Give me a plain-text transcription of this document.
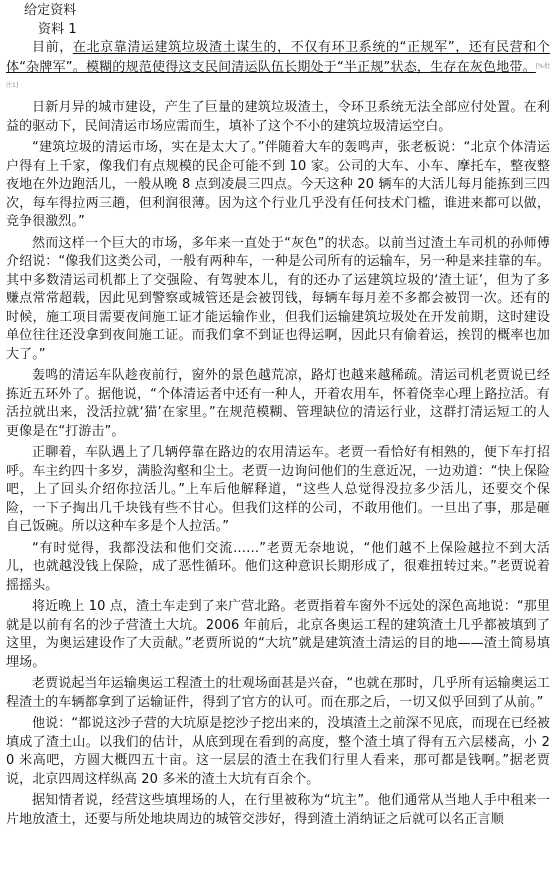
给定资料
资料 1

目前，在北京靠清运建筑垃圾渣土谋生的，不仅有环卫系统的“正规军”，还有民营和个体“杂牌军”。模糊的规范使得这支民间清运队伍长期处于“半正规”状态，生存在灰色地带。[%批注1]

日新月异的城市建设，产生了巨量的建筑垃圾渣土，令环卫系统无法全部应付处置。在利益的驱动下，民间清运市场应需而生，填补了这个不小的建筑垃圾清运空白。

“建筑垃圾的清运市场，实在是太大了。”伴随着大车的轰鸣声，张老板说：“北京个体清运户得有上千家，像我们有点规模的民企可能不到 10 家。公司的大车、小车、摩托车，整夜整夜地在外边跑活儿，一般从晚 8 点到凌晨三四点。今天这种 20 辆车的大活儿每月能拣到三四次，每车得拉两三趟，但利润很薄。因为这个行业几乎没有任何技术门槛，谁进来都可以做，竞争很激烈。”

然而这样一个巨大的市场，多年来一直处于“灰色”的状态。以前当过渣土车司机的孙师傅介绍说：“像我们这类公司，一般有两种车，一种是公司所有的运输车，另一种是来挂靠的车。其中多数清运司机都上了交强险、有驾驶本儿，有的还办了运建筑垃圾的‘渣土证’，但为了多赚点常常超载，因此见到警察或城管还是会被罚钱，每辆车每月差不多都会被罚一次。还有的时候，施工项目需要夜间施工证才能运输作业，但我们运输建筑垃圾处在开发前期，这时建设单位往往还没拿到夜间施工证。而我们拿不到证也得运啊，因此只有偷着运，挨罚的概率也加大了。”

轰鸣的清运车队趁夜前行，窗外的景色越荒凉，路灯也越来越稀疏。清运司机老贾说已经拣近五环外了。据他说，“个体清运者中还有一种人，开着农用车，怀着侥幸心理上路拉活。有活拉就出来，没活拉就‘猫’在家里。”在规范模糊、管理缺位的清运行业，这群打清运短工的人更像是在“打游击”。

正聊着，车队遇上了几辆停靠在路边的农用清运车。老贾一看恰好有相熟的，便下车打招呼。车主约四十多岁，满脸沟壑和尘土。老贾一边询问他们的生意近况，一边劝道：“快上保险吧，上了回头介绍你拉活儿。”上车后他解释道，“这些人总觉得没拉多少活儿，还要交个保险，一下子掏出几千块钱有些不甘心。但我们这样的公司，不敢用他们。一旦出了事，那是砸自己饭碗。所以这种车多是个人拉活。”

“有时觉得，我都没法和他们交流……”老贾无奈地说，“他们越不上保险越拉不到大活儿，也就越没钱上保险，成了恶性循环。他们这种意识长期形成了，很难扭转过来。”老贾说着摇摇头。

将近晚上 10 点，渣土车走到了来广营北路。老贾指着车窗外不远处的深色高地说：“那里就是以前有名的沙子营渣土大坑。2006 年前后，北京各奥运工程的建筑渣土几乎都被填到了这里，为奥运建设作了大贡献。”老贾所说的“大坑”就是建筑渣土清运的目的地——渣土简易填埋场。

老贾说起当年运输奥运工程渣土的壮观场面甚是兴奋，“也就在那时，几乎所有运输奥运工程渣土的车辆都拿到了运输证件，得到了官方的认可。而在那之后，一切又似乎回到了从前。”

他说：“都说这沙子营的大坑原是挖沙子挖出来的，没填渣土之前深不见底，而现在已经被填成了渣土山。以我们的估计，从底到现在看到的高度，整个渣土填了得有五六层楼高，小 20 米高吧，方圆大概四五十亩。这一层层的渣土在我们行里人看来，那可都是钱啊。”据老贾说，北京四周这样纵高 20 多米的渣土大坑有百余个。

据知情者说，经营这些填埋场的人，在行里被称为“坑主”。他们通常从当地人手中租来一片地放渣土，还要与所处地块周边的城管交涉好，得到渣土消纳证之后就可以名正言顺
